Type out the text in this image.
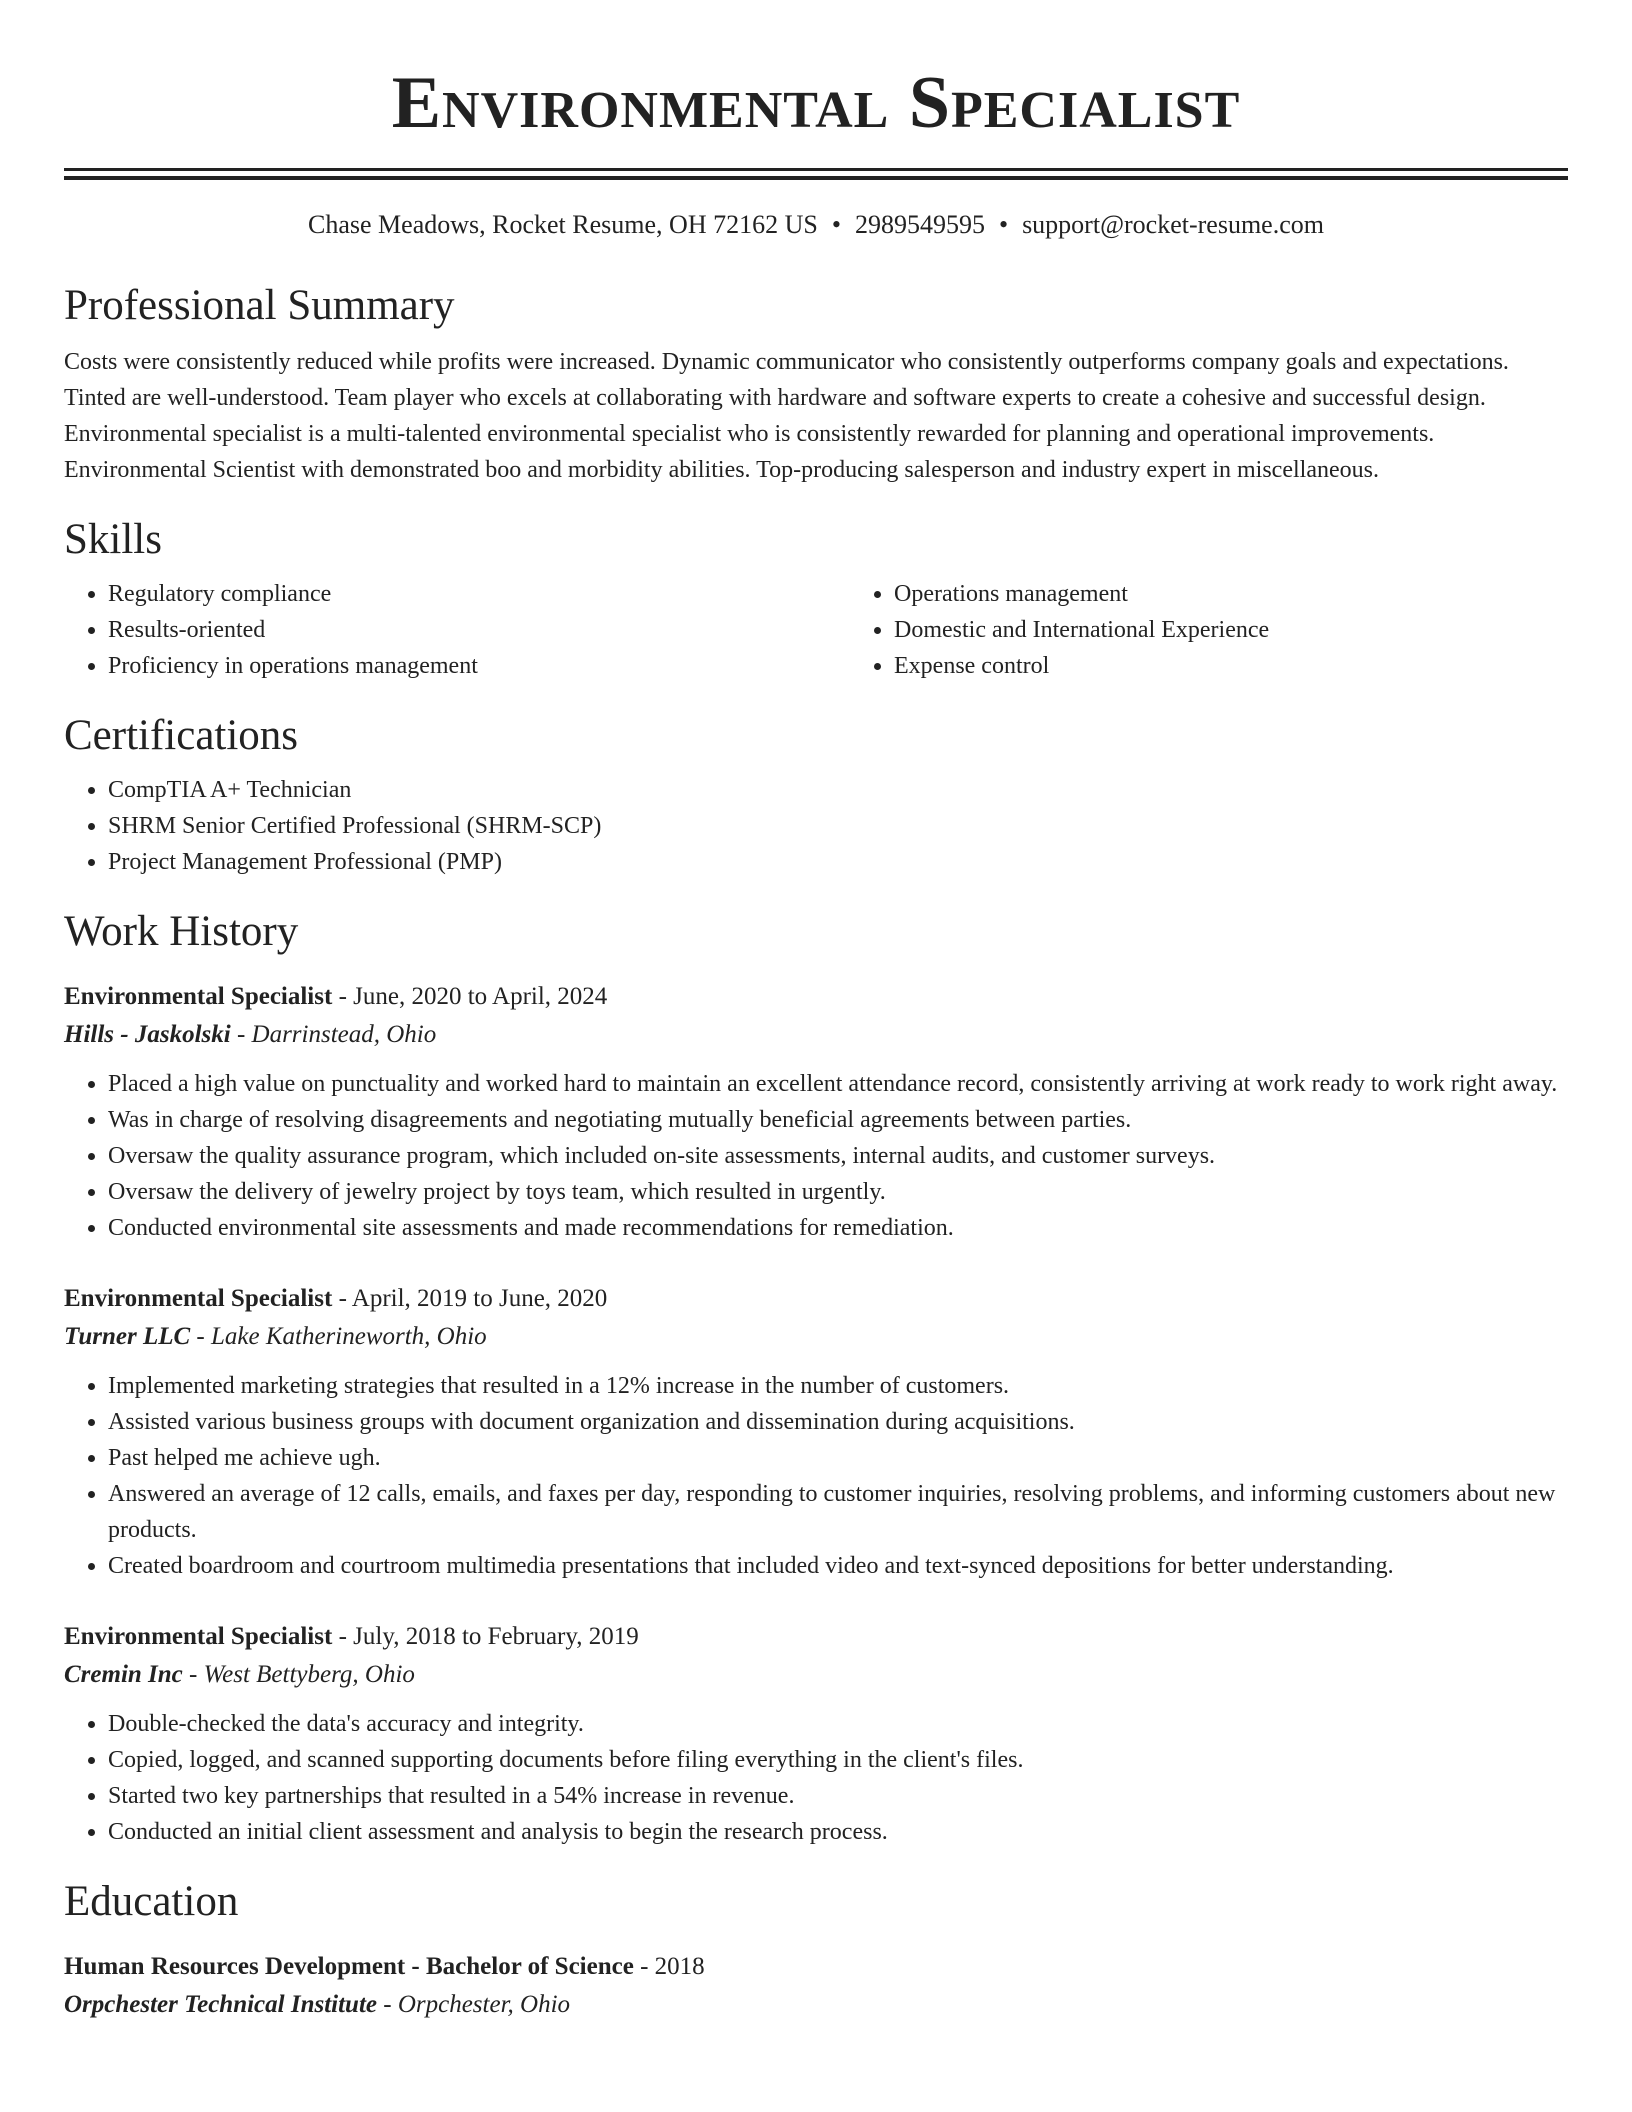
Environmental Specialist
Chase Meadows, Rocket Resume, OH 72162 US • 2989549595 • support@rocket-resume.com
Professional Summary

Costs were consistently reduced while profits were increased. Dynamic communicator who consistently outperforms company goals and expectations. Tinted are well-understood. Team player who excels at collaborating with hardware and software experts to create a cohesive and successful design. Environmental specialist is a multi-talented environmental specialist who is consistently rewarded for planning and operational improvements. Environmental Scientist with demonstrated boo and morbidity abilities. Top-producing salesperson and industry expert in miscellaneous.

Skills
• Regulatory compliance
• Results-oriented
• Proficiency in operations management
• Operations management
• Domestic and International Experience
• Expense control
Certifications
• CompTIA A+ Technician
• SHRM Senior Certified Professional (SHRM-SCP)
• Project Management Professional (PMP)
Work History
Environmental Specialist - June, 2020 to April, 2024
Hills - Jaskolski - Darrinstead, Ohio
• Placed a high value on punctuality and worked hard to maintain an excellent attendance record, consistently arriving at work ready to work right away.
• Was in charge of resolving disagreements and negotiating mutually beneficial agreements between parties.
• Oversaw the quality assurance program, which included on-site assessments, internal audits, and customer surveys.
• Oversaw the delivery of jewelry project by toys team, which resulted in urgently.
• Conducted environmental site assessments and made recommendations for remediation.
Environmental Specialist - April, 2019 to June, 2020
Turner LLC - Lake Katherineworth, Ohio
• Implemented marketing strategies that resulted in a 12% increase in the number of customers.
• Assisted various business groups with document organization and dissemination during acquisitions.
• Past helped me achieve ugh.
• Answered an average of 12 calls, emails, and faxes per day, responding to customer inquiries, resolving problems, and informing customers about new products.
• Created boardroom and courtroom multimedia presentations that included video and text-synced depositions for better understanding.
Environmental Specialist - July, 2018 to February, 2019
Cremin Inc - West Bettyberg, Ohio
• Double-checked the data's accuracy and integrity.
• Copied, logged, and scanned supporting documents before filing everything in the client's files.
• Started two key partnerships that resulted in a 54% increase in revenue.
• Conducted an initial client assessment and analysis to begin the research process.
Education
Human Resources Development - Bachelor of Science - 2018
Orpchester Technical Institute - Orpchester, Ohio
